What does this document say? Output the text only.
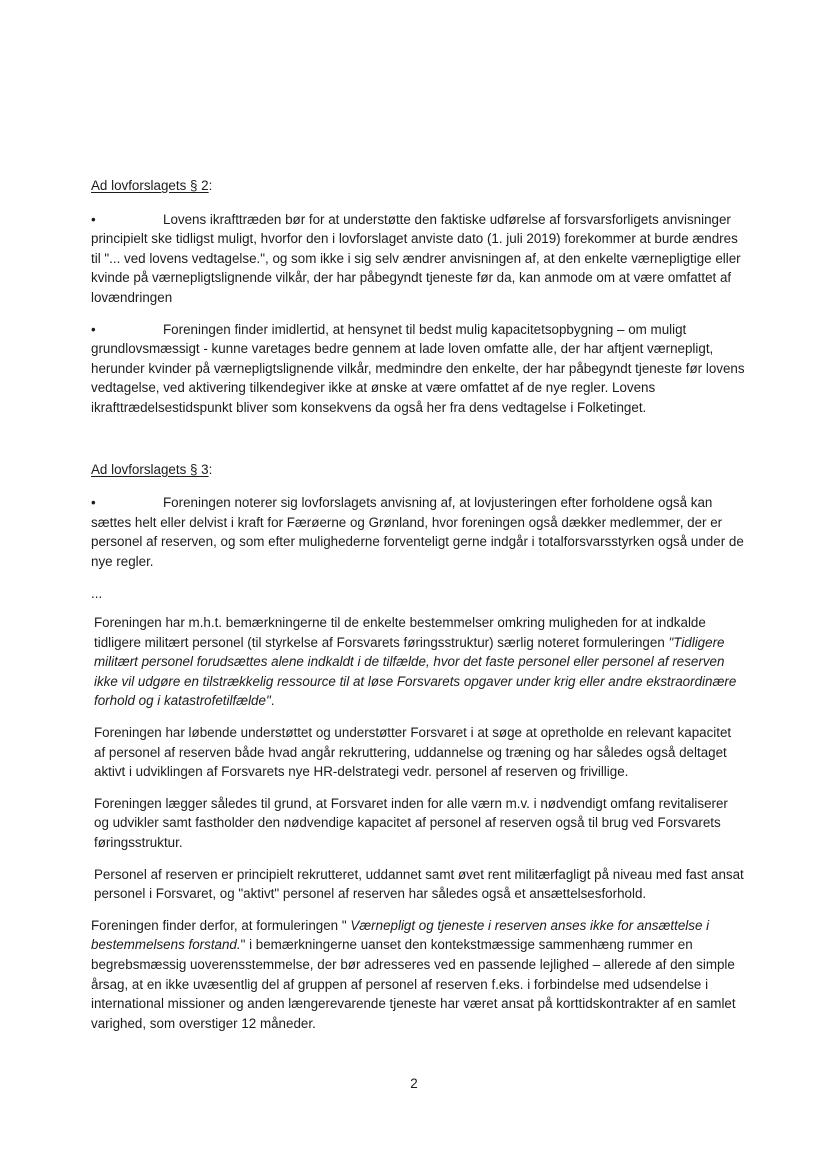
Ad lovforslagets § 2:
•	Lovens ikrafttræden bør for at understøtte den faktiske udførelse af forsvarsforligets anvisninger principielt ske tidligst muligt, hvorfor den i lovforslaget anviste dato (1. juli 2019) forekommer at burde ændres til "... ved lovens vedtagelse.", og som ikke i sig selv ændrer anvisningen af, at den enkelte værnepligtige eller kvinde på værnepligtslignende vilkår, der har påbegyndt tjeneste før da, kan anmode om at være omfattet af lovændringen
•	Foreningen finder imidlertid, at hensynet til bedst mulig kapacitetsopbygning – om muligt grundlovsmæssigt - kunne varetages bedre gennem at lade loven omfatte alle, der har aftjent værnepligt, herunder kvinder på værnepligtslignende vilkår, medmindre den enkelte, der har påbegyndt tjeneste før lovens vedtagelse, ved aktivering tilkendegiver ikke at ønske at være omfattet af de nye regler. Lovens ikrafttrædelsestidspunkt bliver som konsekvens da også her fra dens vedtagelse i Folketinget.
Ad lovforslagets § 3:
•	Foreningen noterer sig lovforslagets anvisning af, at lovjusteringen efter forholdene også kan sættes helt eller delvist i kraft for Færøerne og Grønland, hvor foreningen også dækker medlemmer, der er personel af reserven, og som efter mulighederne forventeligt gerne indgår i totalforsvarsstyrken også under de nye regler.
...
Foreningen har m.h.t. bemærkningerne til de enkelte bestemmelser omkring muligheden for at indkalde tidligere militært personel (til styrkelse af Forsvarets føringsstruktur) særlig noteret formuleringen "Tidligere militært personel forudsættes alene indkaldt i de tilfælde, hvor det faste personel eller personel af reserven ikke vil udgøre en tilstrækkelig ressource til at løse Forsvarets opgaver under krig eller andre ekstraordinære forhold og i katastrofetilfælde".
Foreningen har løbende understøttet og understøtter Forsvaret i at søge at opretholde en relevant kapacitet af personel af reserven både hvad angår rekruttering, uddannelse og træning og har således også deltaget aktivt i udviklingen af Forsvarets nye HR-delstrategi vedr. personel af reserven og frivillige.
Foreningen lægger således til grund, at Forsvaret inden for alle værn m.v. i nødvendigt omfang revitaliserer og udvikler samt fastholder den nødvendige kapacitet af personel af reserven også til brug ved Forsvarets føringsstruktur.
Personel af reserven er principielt rekrutteret, uddannet samt øvet rent militærfagligt på niveau med fast ansat personel i Forsvaret, og "aktivt" personel af reserven har således også et ansættelsesforhold.
Foreningen finder derfor, at formuleringen " Værnepligt og tjeneste i reserven anses ikke for ansættelse i bestemmelsens forstand." i bemærkningerne uanset den kontekstmæssige sammenhæng rummer en begrebsmæssig uoverensstemmelse, der bør adresseres ved en passende lejlighed – allerede af den simple årsag, at en ikke uvæsentlig del af gruppen af personel af reserven f.eks. i forbindelse med udsendelse i international missioner og anden længerevarende tjeneste har været ansat på korttidskontrakter af en samlet varighed, som overstiger 12 måneder.
2
